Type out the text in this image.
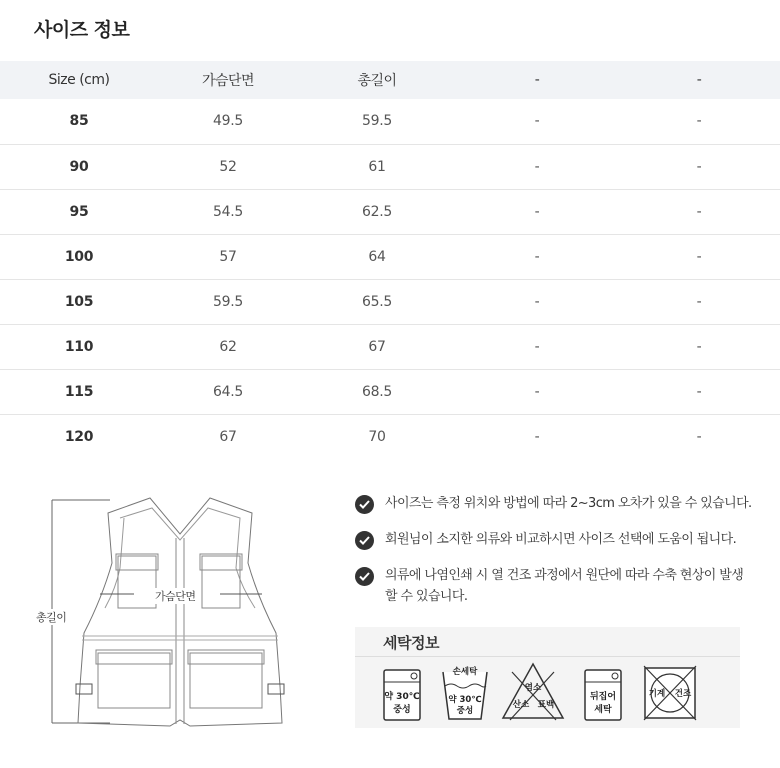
사이즈 정보
Size (cm)	가슴단면	총길이	-	-
85	49.5	59.5	-	-
90	52	61	-	-
95	54.5	62.5	-	-
100	57	64	-	-
105	59.5	65.5	-	-
110	62	67	-	-
115	64.5	68.5	-	-
120	67	70	-	-
가슴단면
총길이
사이즈는 측정 위치와 방법에 따라 2~3cm 오차가 있을 수 있습니다.
회원님이 소지한 의류와 비교하시면 사이즈 선택에 도움이 됩니다.
의류에 나염인쇄 시 열 건조 과정에서 원단에 따라 수축 현상이 발생할 수 있습니다.
세탁정보
약 30℃
중성
손세탁
약 30℃
중성
염소
산소 표백
뒤집어
세탁
기계 건조
